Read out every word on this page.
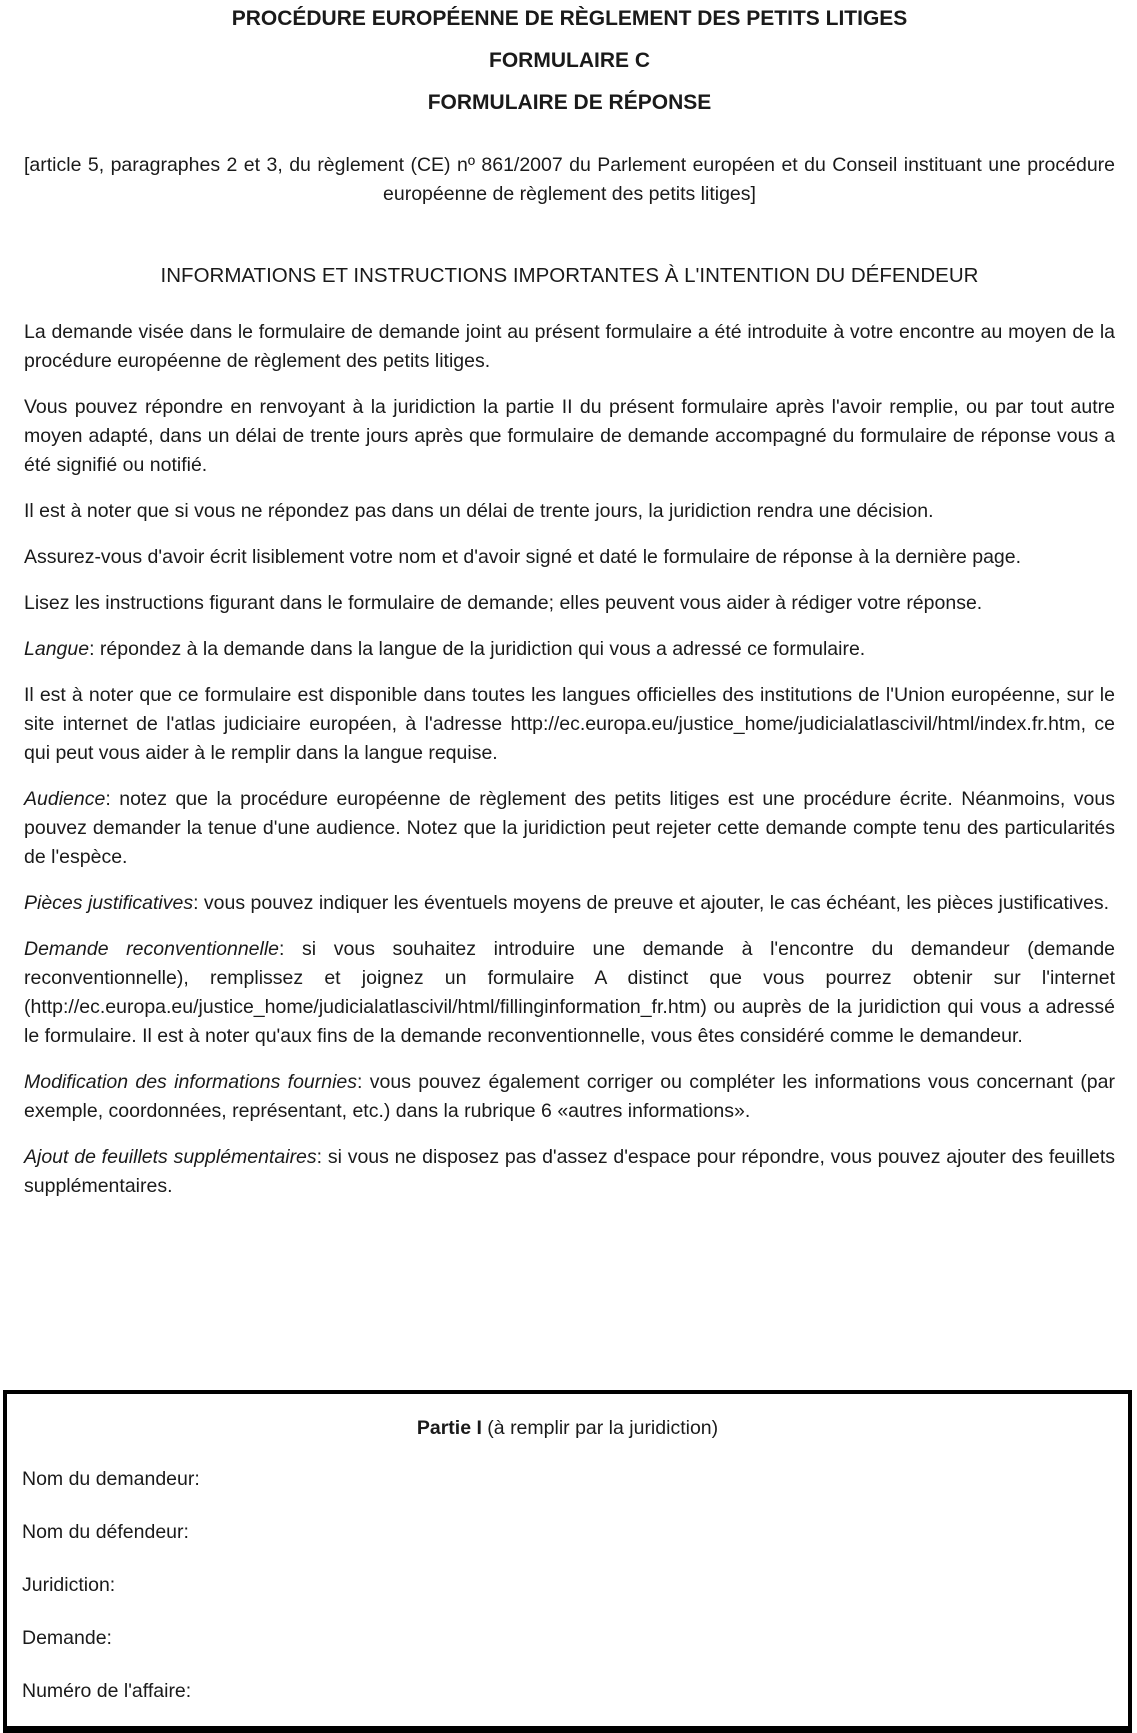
PROCÉDURE EUROPÉENNE DE RÈGLEMENT DES PETITS LITIGES
FORMULAIRE C
FORMULAIRE DE RÉPONSE

[article 5, paragraphes 2 et 3, du règlement (CE) nº 861/2007 du Parlement européen et du Conseil instituant une procédure européenne de règlement des petits litiges]

INFORMATIONS ET INSTRUCTIONS IMPORTANTES À L'INTENTION DU DÉFENDEUR

La demande visée dans le formulaire de demande joint au présent formulaire a été introduite à votre encontre au moyen de la procédure européenne de règlement des petits litiges.

Vous pouvez répondre en renvoyant à la juridiction la partie II du présent formulaire après l'avoir remplie, ou par tout autre moyen adapté, dans un délai de trente jours après que formulaire de demande accompagné du formulaire de réponse vous a été signifié ou notifié.

Il est à noter que si vous ne répondez pas dans un délai de trente jours, la juridiction rendra une décision.

Assurez-vous d'avoir écrit lisiblement votre nom et d'avoir signé et daté le formulaire de réponse à la dernière page.

Lisez les instructions figurant dans le formulaire de demande; elles peuvent vous aider à rédiger votre réponse.

Langue: répondez à la demande dans la langue de la juridiction qui vous a adressé ce formulaire.

Il est à noter que ce formulaire est disponible dans toutes les langues officielles des institutions de l'Union européenne, sur le site internet de l'atlas judiciaire européen, à l'adresse http://ec.europa.eu/justice_home/judicialatlascivil/html/index.fr.htm, ce qui peut vous aider à le remplir dans la langue requise.

Audience: notez que la procédure européenne de règlement des petits litiges est une procédure écrite. Néanmoins, vous pouvez demander la tenue d'une audience. Notez que la juridiction peut rejeter cette demande compte tenu des particularités de l'espèce.

Pièces justificatives: vous pouvez indiquer les éventuels moyens de preuve et ajouter, le cas échéant, les pièces justificatives.

Demande reconventionnelle: si vous souhaitez introduire une demande à l'encontre du demandeur (demande reconventionnelle), remplissez et joignez un formulaire A distinct que vous pourrez obtenir sur l'internet (http://ec.europa.eu/justice_home/judicialatlascivil/html/fillinginformation_fr.htm) ou auprès de la juridiction qui vous a adressé le formulaire. Il est à noter qu'aux fins de la demande reconventionnelle, vous êtes considéré comme le demandeur.

Modification des informations fournies: vous pouvez également corriger ou compléter les informations vous concernant (par exemple, coordonnées, représentant, etc.) dans la rubrique 6 «autres informations».

Ajout de feuillets supplémentaires: si vous ne disposez pas d'assez d'espace pour répondre, vous pouvez ajouter des feuillets supplémentaires.

Partie I (à remplir par la juridiction)

Nom du demandeur:
Nom du défendeur:
Juridiction:
Demande:
Numéro de l'affaire:
